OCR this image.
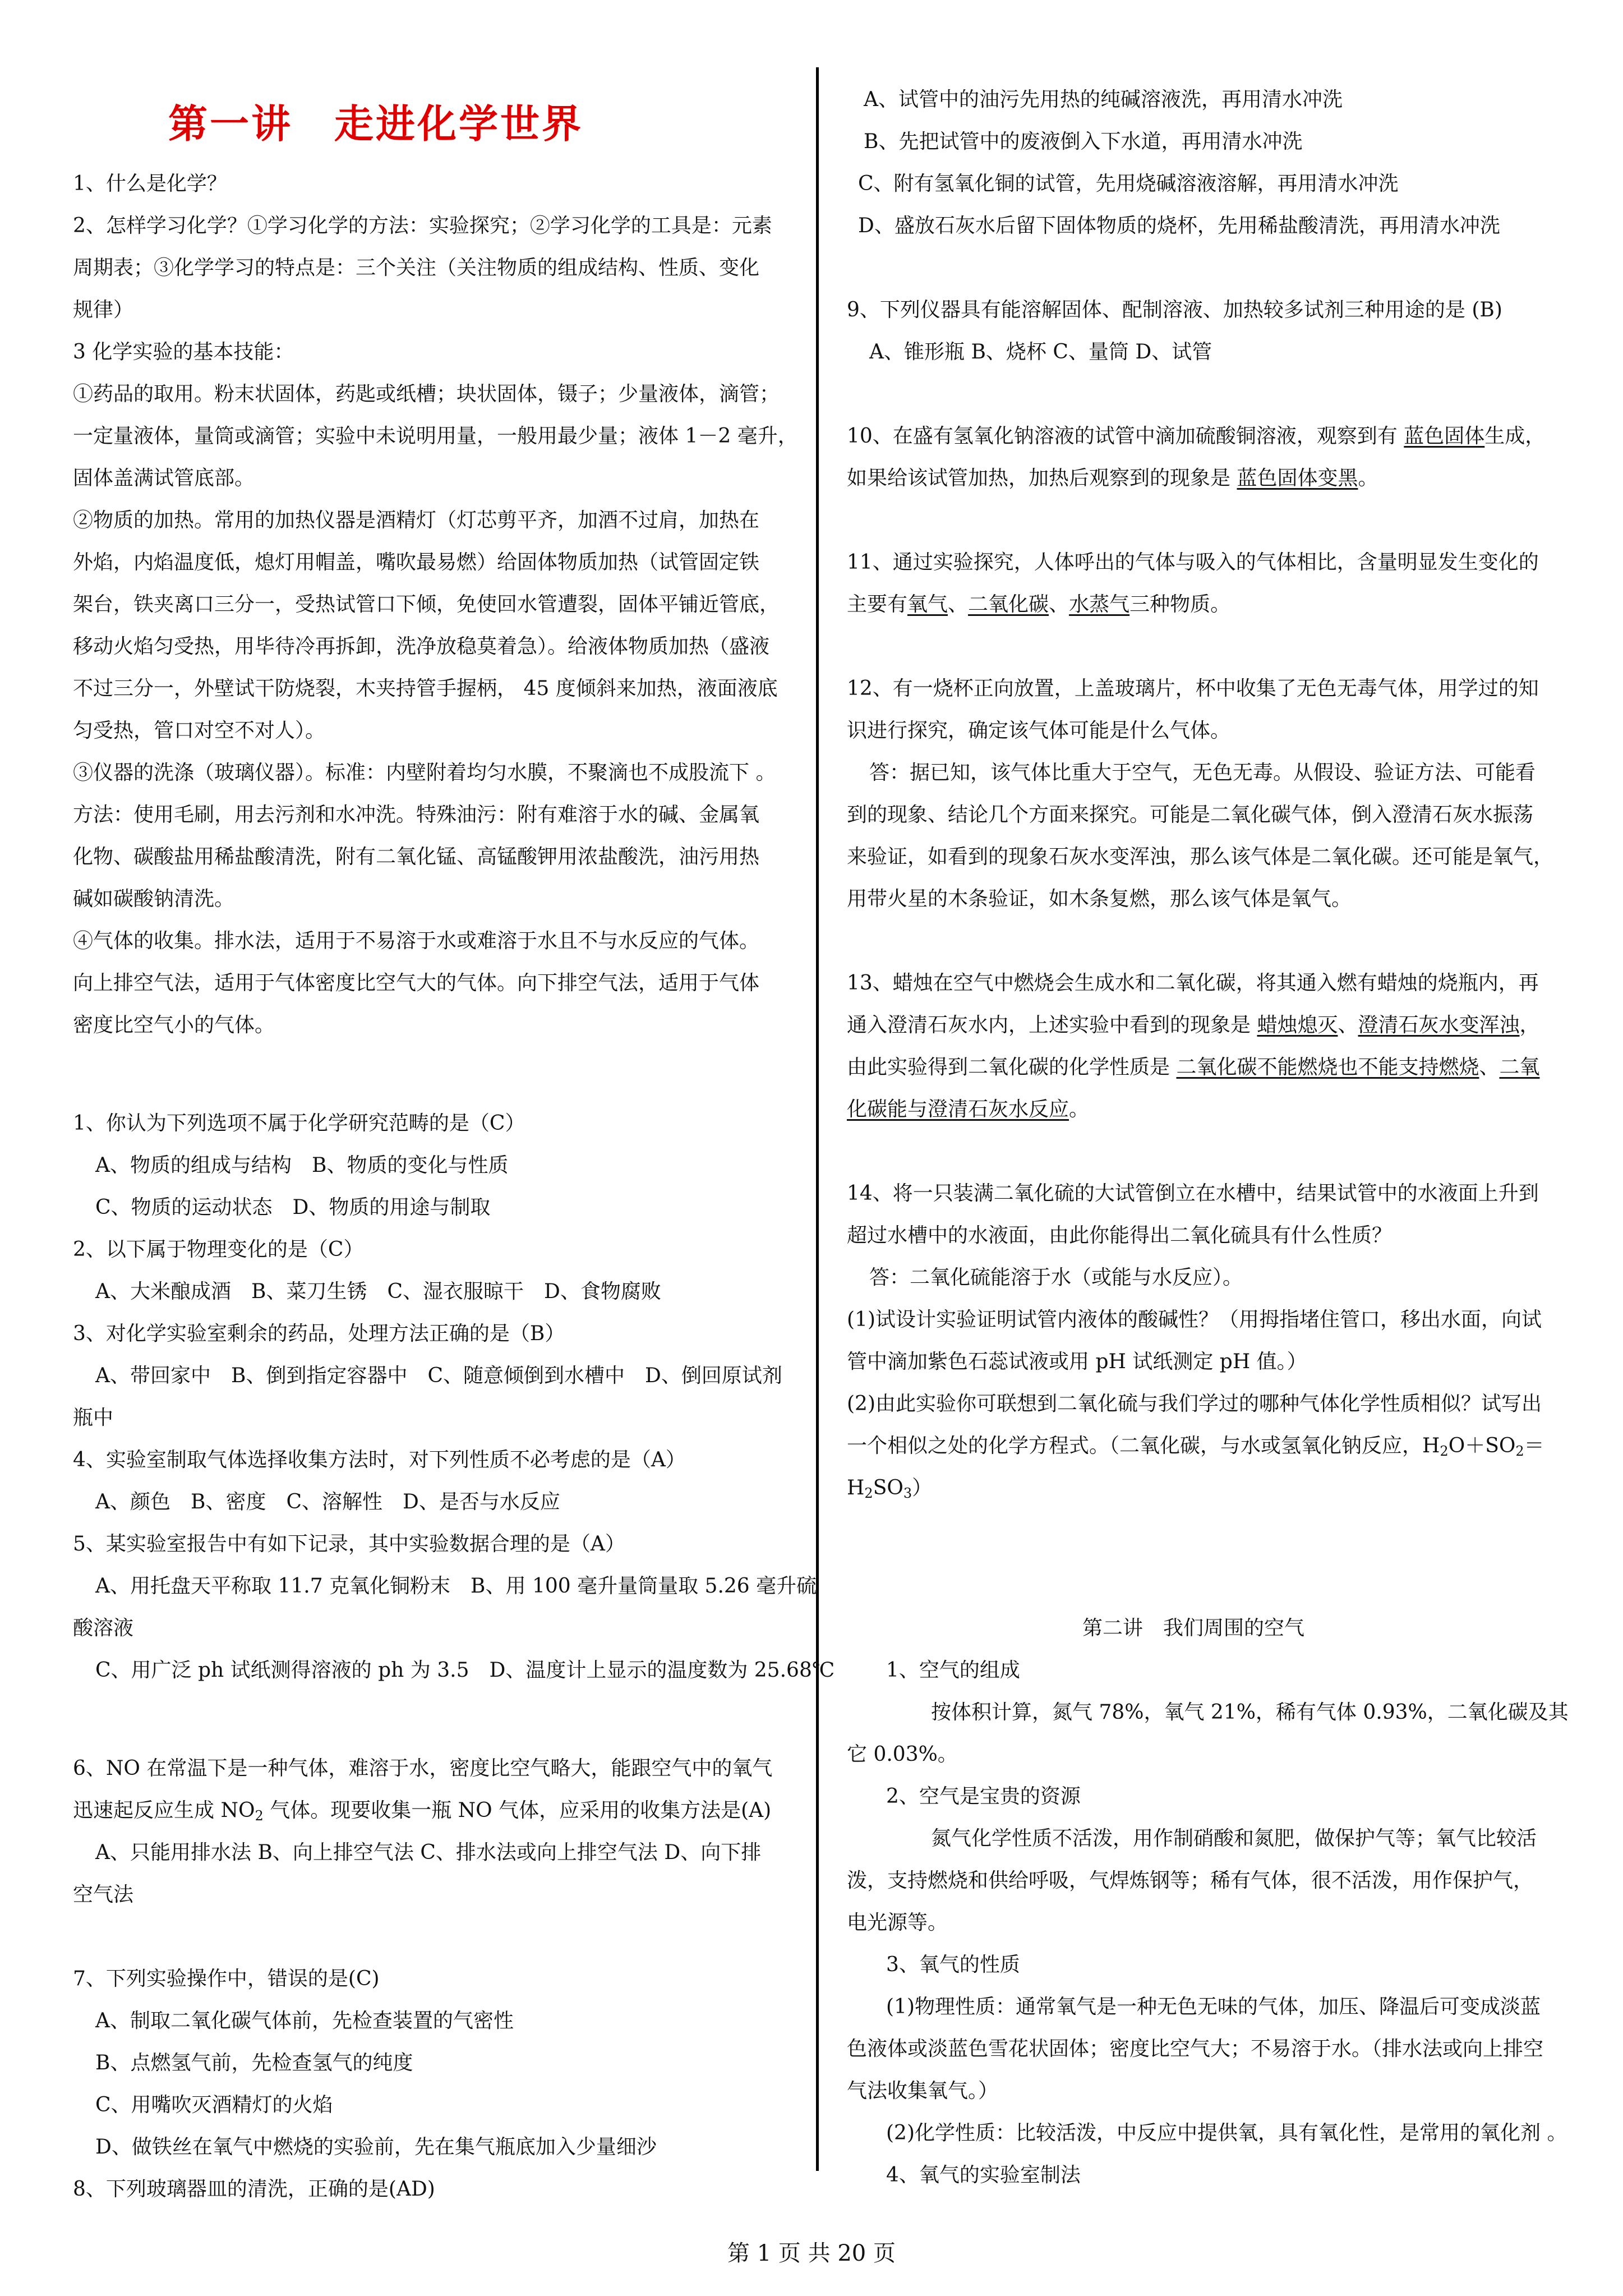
第一讲　走进化学世界
1、什么是化学？
2、怎样学习化学？①学习化学的方法：实验探究；②学习化学的工具是：元素
周期表；③化学学习的特点是：三个关注（关注物质的组成结构、性质、变化
规律）
3 化学实验的基本技能：
①药品的取用。粉末状固体，药匙或纸槽；块状固体，镊子；少量液体，滴管；
一定量液体，量筒或滴管；实验中未说明用量，一般用最少量；液体 1－2 毫升，
固体盖满试管底部。
②物质的加热。常用的加热仪器是酒精灯（灯芯剪平齐，加酒不过肩，加热在
外焰，内焰温度低，熄灯用帽盖，嘴吹最易燃）给固体物质加热（试管固定铁
架台，铁夹离口三分一，受热试管口下倾，免使回水管遭裂，固体平铺近管底，
移动火焰匀受热，用毕待冷再拆卸，洗净放稳莫着急）。给液体物质加热（盛液
不过三分一，外壁试干防烧裂，木夹持管手握柄， 45 度倾斜来加热，液面液底
匀受热，管口对空不对人）。
③仪器的洗涤（玻璃仪器）。标准：内壁附着均匀水膜，不聚滴也不成股流下 。
方法：使用毛刷，用去污剂和水冲洗。特殊油污：附有难溶于水的碱、金属氧
化物、碳酸盐用稀盐酸清洗，附有二氧化锰、高锰酸钾用浓盐酸洗，油污用热
碱如碳酸钠清洗。
④气体的收集。排水法，适用于不易溶于水或难溶于水且不与水反应的气体。
向上排空气法，适用于气体密度比空气大的气体。向下排空气法，适用于气体
密度比空气小的气体。
1、你认为下列选项不属于化学研究范畴的是（C）
A、物质的组成与结构　B、物质的变化与性质
C、物质的运动状态　D、物质的用途与制取
2、以下属于物理变化的是（C）
A、大米酿成酒　B、菜刀生锈　C、湿衣服晾干　D、食物腐败
3、对化学实验室剩余的药品，处理方法正确的是（B）
A、带回家中　B、倒到指定容器中　C、随意倾倒到水槽中　D、倒回原试剂
瓶中
4、实验室制取气体选择收集方法时，对下列性质不必考虑的是（A）
A、颜色　B、密度　C、溶解性　D、是否与水反应
5、某实验室报告中有如下记录，其中实验数据合理的是（A）
A、用托盘天平称取 11.7 克氧化铜粉末　B、用 100 毫升量筒量取 5.26 毫升硫
酸溶液
C、用广泛 ph 试纸测得溶液的 ph 为 3.5　D、温度计上显示的温度数为 25.68℃
6、NO 在常温下是一种气体，难溶于水，密度比空气略大，能跟空气中的氧气
迅速起反应生成 $NO_2$ 气体。现要收集一瓶 NO 气体，应采用的收集方法是(A)
A、只能用排水法 B、向上排空气法 C、排水法或向上排空气法 D、向下排
空气法
7、下列实验操作中，错误的是(C)
A、制取二氧化碳气体前，先检查装置的气密性
B、点燃氢气前，先检查氢气的纯度
C、用嘴吹灭酒精灯的火焰
D、做铁丝在氧气中燃烧的实验前，先在集气瓶底加入少量细沙
8、下列玻璃器皿的清洗，正确的是(AD)
A、试管中的油污先用热的纯碱溶液洗，再用清水冲洗
B、先把试管中的废液倒入下水道，再用清水冲洗
C、附有氢氧化铜的试管，先用烧碱溶液溶解，再用清水冲洗
D、盛放石灰水后留下固体物质的烧杯，先用稀盐酸清洗，再用清水冲洗
9、下列仪器具有能溶解固体、配制溶液、加热较多试剂三种用途的是 (B)
A、锥形瓶 B、烧杯 C、量筒 D、试管
10、在盛有氢氧化钠溶液的试管中滴加硫酸铜溶液，观察到有 蓝色固体生成，
如果给该试管加热，加热后观察到的现象是 蓝色固体变黑。
11、通过实验探究，人体呼出的气体与吸入的气体相比，含量明显发生变化的
主要有氧气、二氧化碳、水蒸气三种物质。
12、有一烧杯正向放置，上盖玻璃片，杯中收集了无色无毒气体，用学过的知
识进行探究，确定该气体可能是什么气体。
答：据已知，该气体比重大于空气，无色无毒。从假设、验证方法、可能看
到的现象、结论几个方面来探究。可能是二氧化碳气体，倒入澄清石灰水振荡
来验证，如看到的现象石灰水变浑浊，那么该气体是二氧化碳。还可能是氧气，
用带火星的木条验证，如木条复燃，那么该气体是氧气。
13、蜡烛在空气中燃烧会生成水和二氧化碳，将其通入燃有蜡烛的烧瓶内，再
通入澄清石灰水内，上述实验中看到的现象是 蜡烛熄灭、澄清石灰水变浑浊，
由此实验得到二氧化碳的化学性质是 二氧化碳不能燃烧也不能支持燃烧、二氧
化碳能与澄清石灰水反应。
14、将一只装满二氧化硫的大试管倒立在水槽中，结果试管中的水液面上升到
超过水槽中的水液面，由此你能得出二氧化硫具有什么性质？
答：二氧化硫能溶于水（或能与水反应）。
(1)试设计实验证明试管内液体的酸碱性？（用拇指堵住管口，移出水面，向试
管中滴加紫色石蕊试液或用 pH 试纸测定 pH 值。）
(2)由此实验你可联想到二氧化硫与我们学过的哪种气体化学性质相似？试写出
一个相似之处的化学方程式。（二氧化碳，与水或氢氧化钠反应，$H_2O+SO_2=$
$H_2SO_3$）
第二讲　我们周围的空气
1、空气的组成
按体积计算，氮气 78%，氧气 21%，稀有气体 0.93%，二氧化碳及其
它 0.03%。
2、空气是宝贵的资源
氮气化学性质不活泼，用作制硝酸和氮肥，做保护气等；氧气比较活
泼，支持燃烧和供给呼吸，气焊炼钢等；稀有气体，很不活泼，用作保护气，
电光源等。
3、氧气的性质
(1)物理性质：通常氧气是一种无色无味的气体，加压、降温后可变成淡蓝
色液体或淡蓝色雪花状固体；密度比空气大；不易溶于水。（排水法或向上排空
气法收集氧气。）
(2)化学性质：比较活泼，中反应中提供氧，具有氧化性，是常用的氧化剂 。
4、氧气的实验室制法
第 1 页 共 20 页
